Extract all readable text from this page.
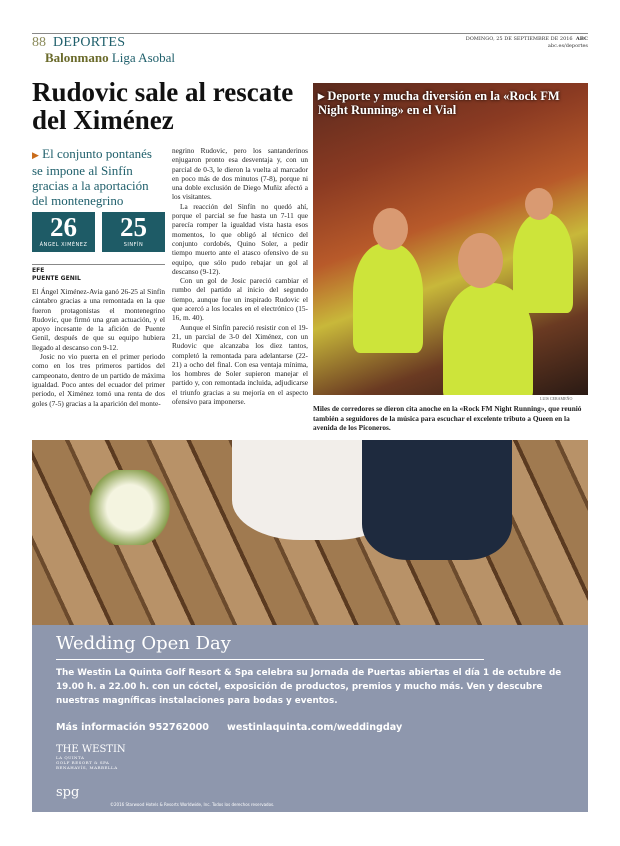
88 DEPORTES
Balonmano Liga Asobal
DOMINGO, 25 DE SEPTIEMBRE DE 2016 ABC
abc.es/deportes
Rudovic sale al rescate del Ximénez
▶ El conjunto pontanés se impone al Sinfín gracias a la aportación del montenegrino
26
ÁNGEL XIMÉNEZ
25
SINFÍN
EFE
PUENTE GENIL

El Ángel Ximénez-Avia ganó 26-25 al Sinfín cántabro gracias a una remontada en la que fueron protagonistas el montenegrino Rudovic, que firmó una gran actuación, y el apoyo incesante de la afición de Puente Genil, después de que su equipo hubiera llegado al descanso con 9-12.

Josic no vio puerta en el primer periodo como en los tres primeros partidos del campeonato, dentro de un partido de máxima igualdad. Poco antes del ecuador del primer periodo, el Ximénez tomó una renta de dos goles (7-5) gracias a la aparición del monte-

negrino Rudovic, pero los santanderinos enjugaron pronto esa desventaja y, con un parcial de 0-3, le dieron la vuelta al marcador en poco más de dos minutos (7-8), porque ni una doble exclusión de Diego Muñiz afectó a los visitantes.

La reacción del Sinfín no quedó ahí, porque el parcial se fue hasta un 7-11 que parecía romper la igualdad vista hasta esos momentos, lo que obligó al técnico del conjunto cordobés, Quino Soler, a pedir tiempo muerto ante el atasco ofensivo de su equipo, que sólo pudo rebajar un gol al descanso (9-12).

Con un gol de Josic pareció cambiar el rumbo del partido al inicio del segundo tiempo, aunque fue un inspirado Rudovic el que acercó a los locales en el electrónico (15-16, m. 40).

Aunque el Sinfín pareció resistir con el 19-21, un parcial de 3-0 del Ximénez, con un Rudovic que alcanzaba los diez tantos, completó la remontada para adelantarse (22-21) a ocho del final. Con esa ventaja mínima, los hombres de Soler supieron manejar el partido y, con remontada incluida, adjudicarse el triunfo gracias a su mejoría en el aspecto ofensivo para imponerse.

▸ Deporte y mucha diversión en la «Rock FM Night Running» en el Vial
LUIS CERAMEÑO
Miles de corredores se dieron cita anoche en la «Rock FM Night Running», que reunió también a seguidores de la música para escuchar el excelente tributo a Queen en la avenida de los Piconeros.
Wedding Open Day
The Westin La Quinta Golf Resort & Spa celebra su Jornada de Puertas abiertas el día 1 de octubre de 19.00 h. a 22.00 h. con un cóctel, exposición de productos, premios y mucho más. Ven y descubre nuestras magníficas instalaciones para bodas y eventos.
Más información 952762000 westinlaquinta.com/weddingday
THE WESTIN
LA QUINTA
GOLF RESORT & SPA
BENAHAVÍS, MARBELLA
spg
©2016 Starwood Hotels & Resorts Worldwide, Inc. Todos los derechos reservados.
